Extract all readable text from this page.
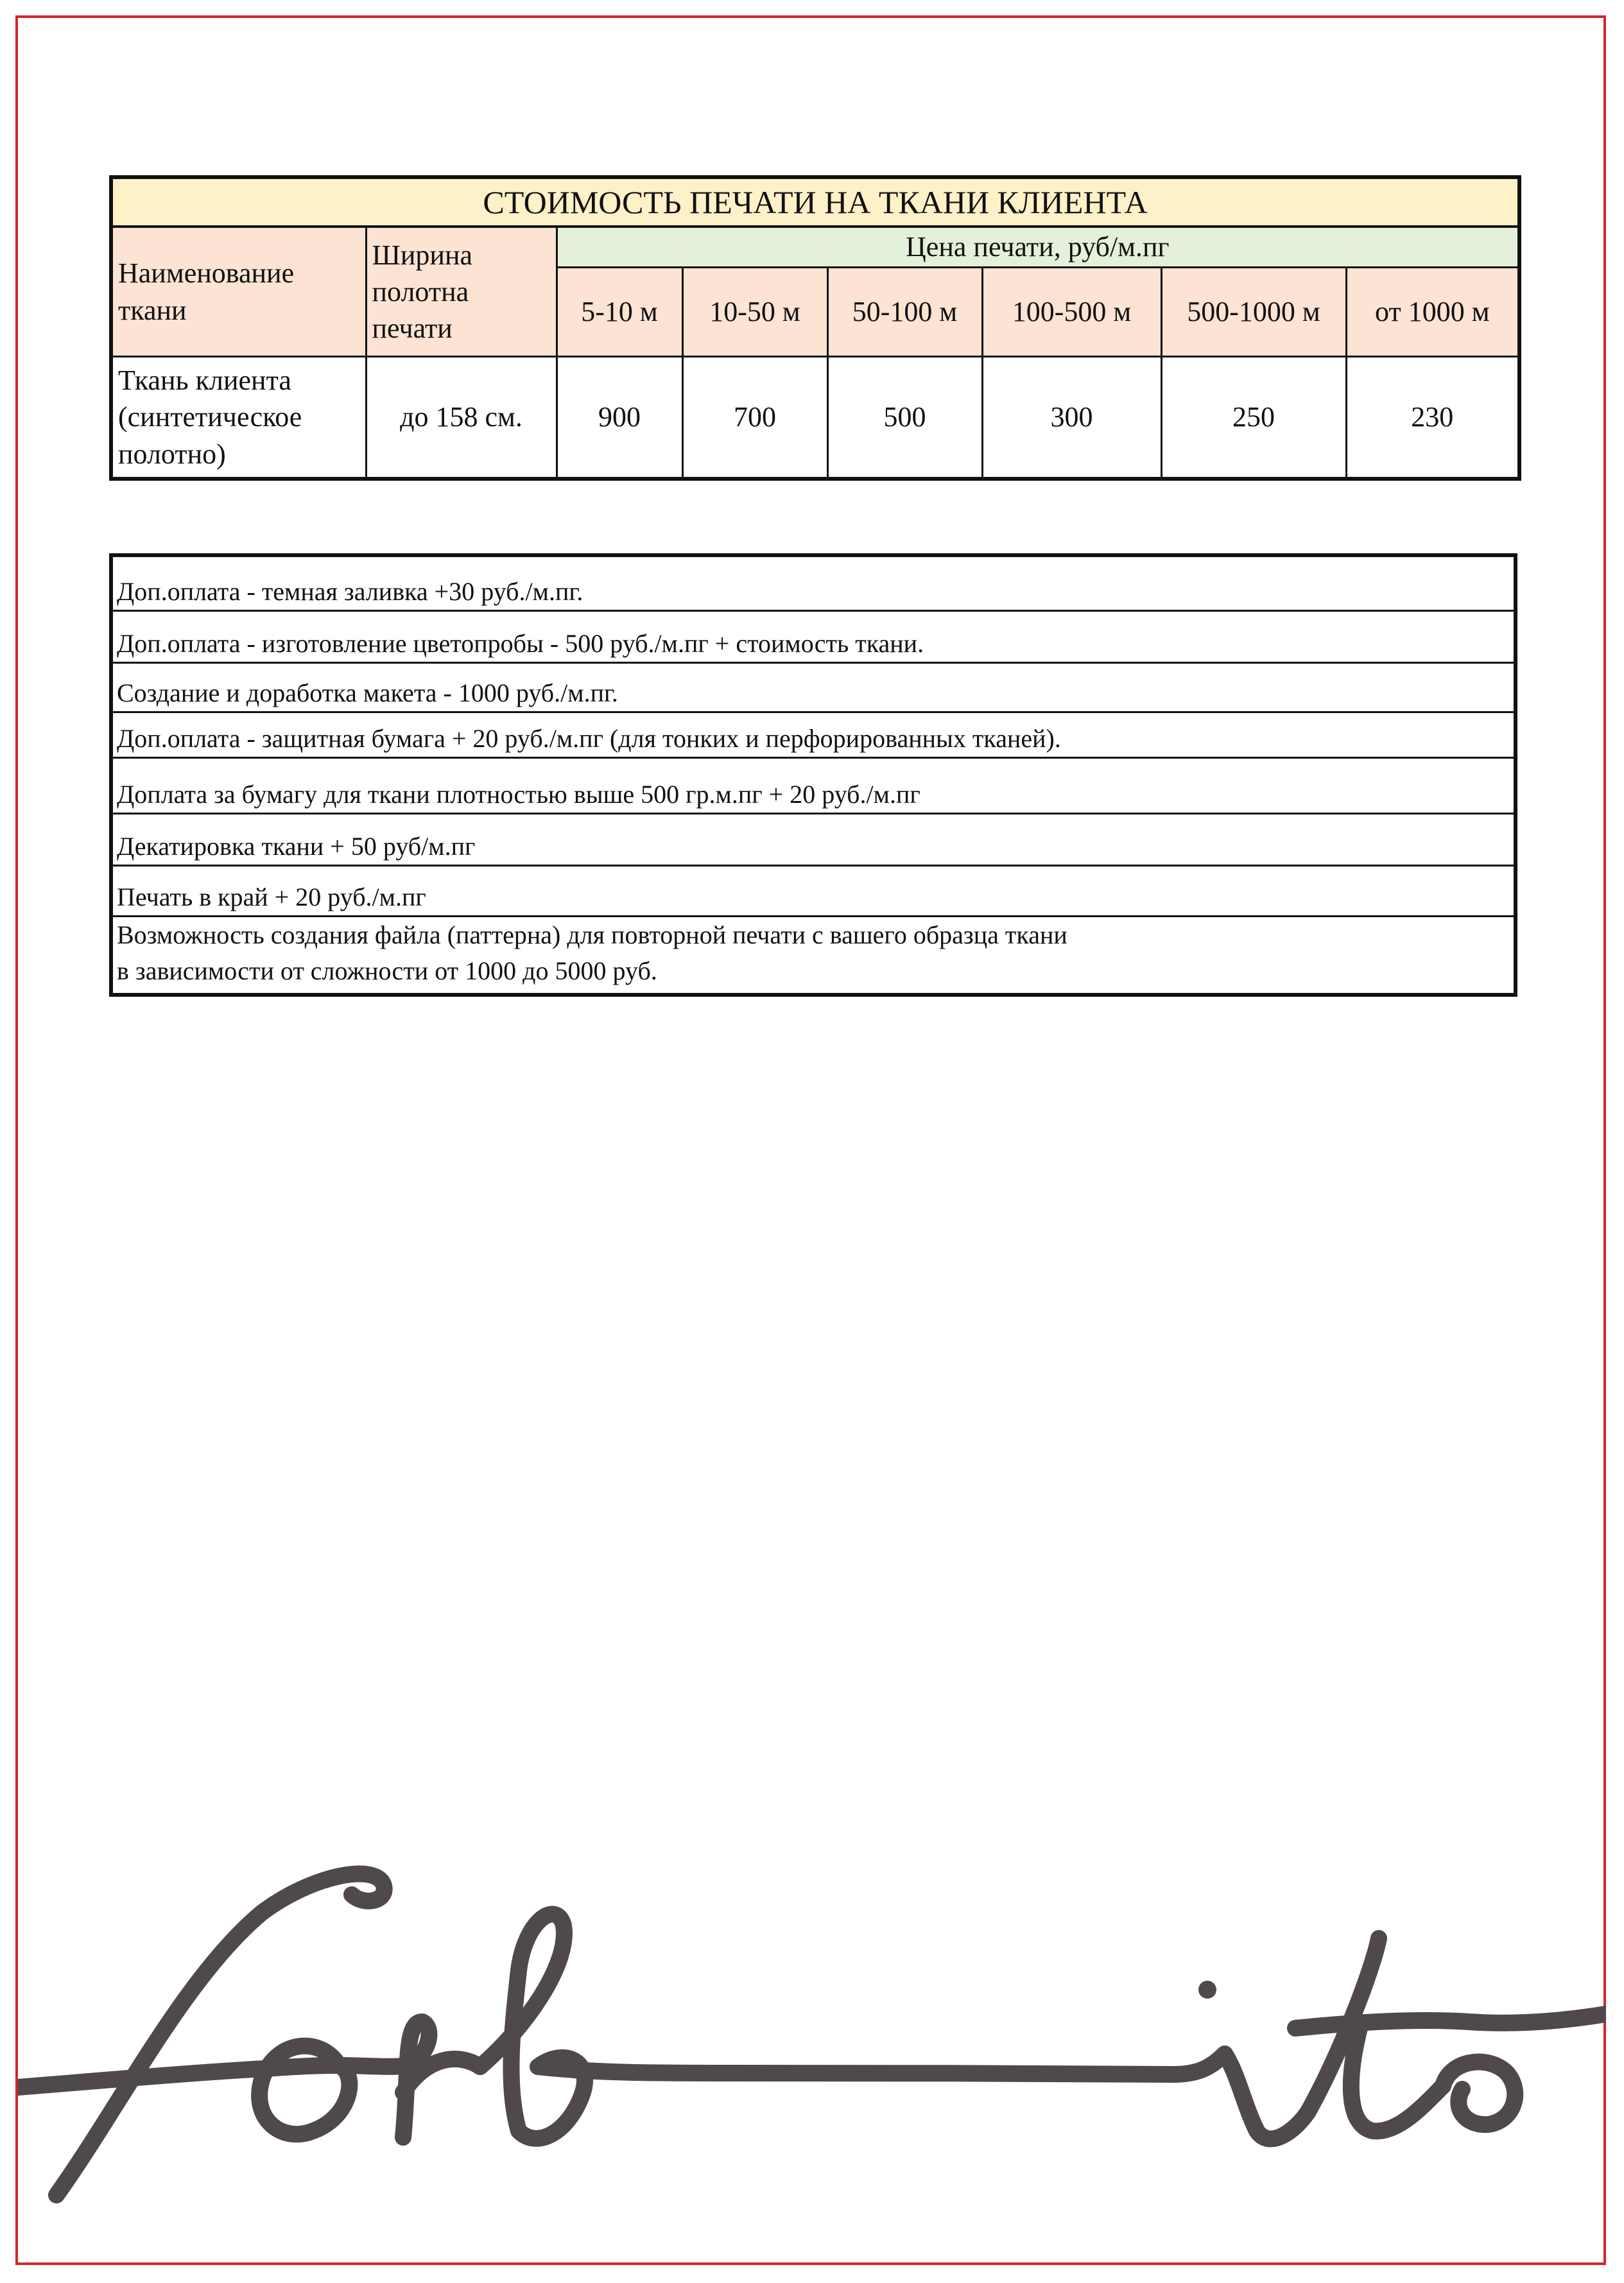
СТОИМОСТЬ ПЕЧАТИ НА ТКАНИ КЛИЕНТА							
Наименование ткани	Ширина полотна печати	Цена печати, руб/м.пг					
		5-10 м	10-50 м	50-100 м	100-500 м	500-1000 м	от 1000 м
Ткань клиента (синтетическое полотно)	до 158 см.	900	700	500	300	250	230
Доп.оплата - темная заливка +30 руб./м.пг.
Доп.оплата - изготовление цветопробы - 500 руб./м.пг + стоимость ткани.
Создание и доработка макета - 1000 руб./м.пг.
Доп.оплата - защитная бумага + 20 руб./м.пг (для тонких и перфорированных тканей).
Доплата за бумагу для ткани плотностью выше 500 гр.м.пг + 20 руб./м.пг
Декатировка ткани + 50 руб/м.пг
Печать в край + 20 руб./м.пг

Возможность создания файла (паттерна) для повторной печати с вашего образца ткани
в зависимости от сложности от 1000 до 5000 руб.
